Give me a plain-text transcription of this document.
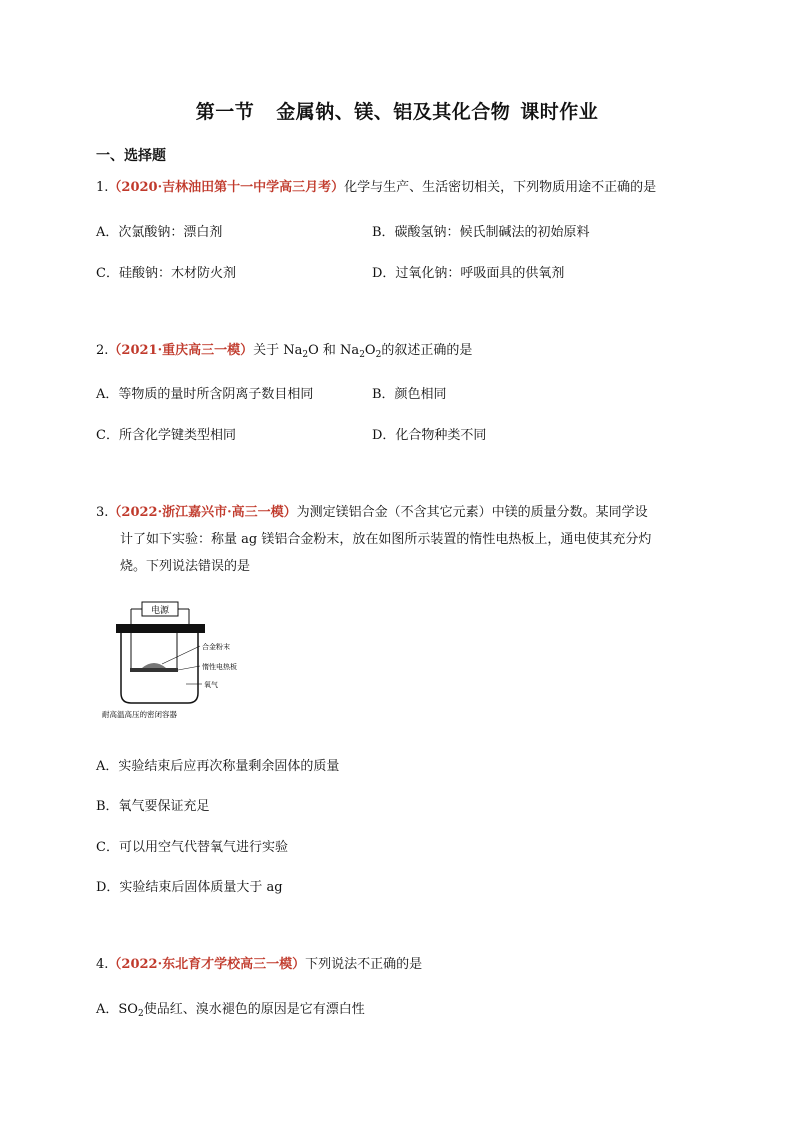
第一节 金属钠、镁、铝及其化合物 课时作业
一、选择题
1.（2020·吉林油田第十一中学高三月考）化学与生产、生活密切相关，下列物质用途不正确的是
A．次氯酸钠：漂白剂	B．碳酸氢钠：候氏制碱法的初始原料
C．硅酸钠：木材防火剂	D．过氧化钠：呼吸面具的供氧剂
2.（2021·重庆高三一模）关于 $Na_2O$ 和 $Na_2O_2$的叙述正确的是
A．等物质的量时所含阴离子数目相同	B．颜色相同
C．所含化学键类型相同	D．化合物种类不同
3.（2022·浙江嘉兴市·高三一模）为测定镁铝合金（不含其它元素）中镁的质量分数。某同学设
计了如下实验：称量 ag 镁铝合金粉末，放在如图所示装置的惰性电热板上，通电使其充分灼
烧。下列说法错误的是
电源
合金粉末
惰性电热板
氧气
耐高温高压的密闭容器
A．实验结束后应再次称量剩余固体的质量
B．氧气要保证充足
C．可以用空气代替氧气进行实验
D．实验结束后固体质量大于 ag
4.（2022·东北育才学校高三一模）下列说法不正确的是
A．$SO_2$使品红、溴水褪色的原因是它有漂白性
